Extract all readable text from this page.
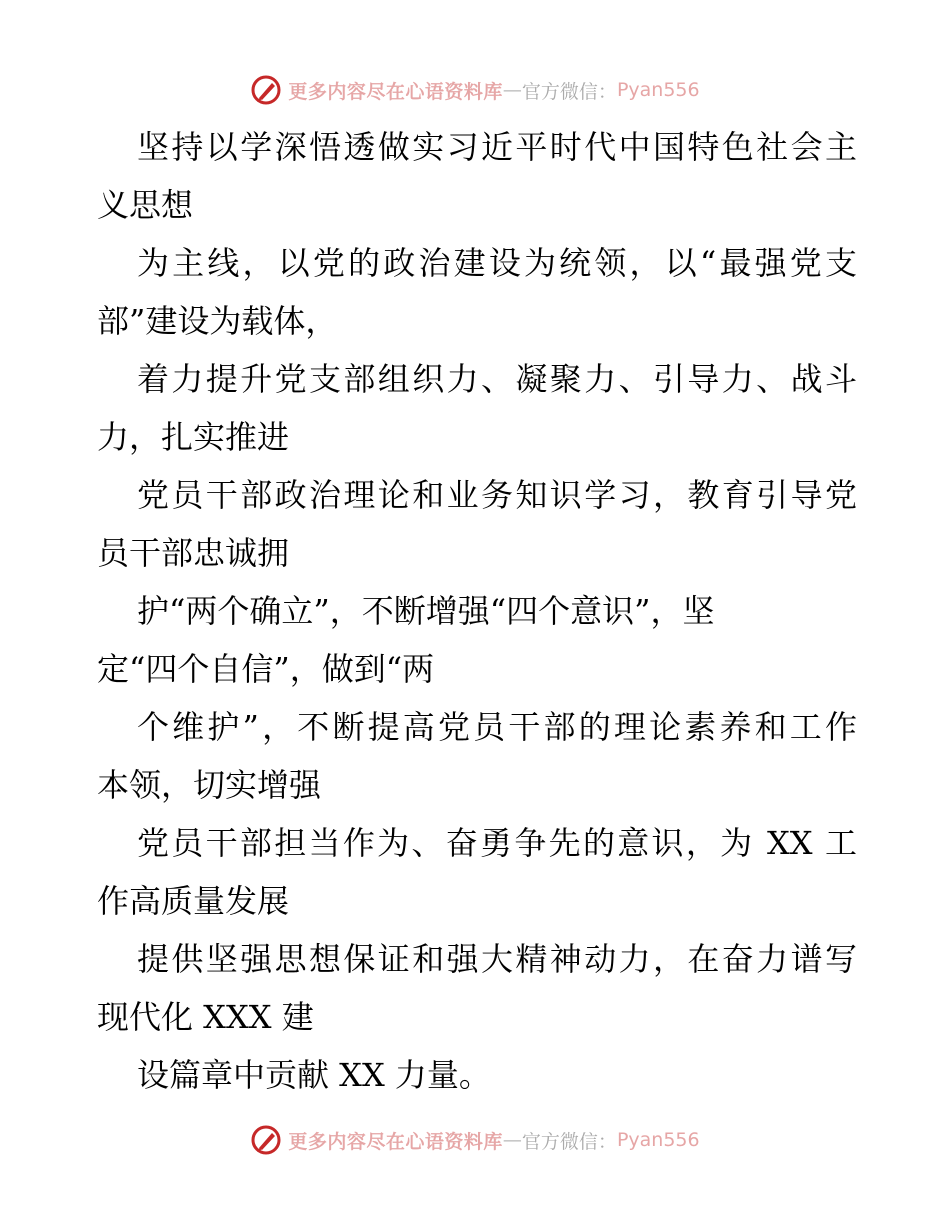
更多内容尽在心语资料库 — 官方微信： Pyan556
坚持以学深悟透做实习近平时代中国特色社会主
义思想
为主线，以党的政治建设为统领，以“最强党支
部”建设为载体，
着力提升党支部组织力、凝聚力、引导力、战斗
力，扎实推进
党员干部政治理论和业务知识学习，教育引导党
员干部忠诚拥
护“两个确立”，不断增强“四个意识”，坚
定“四个自信”，做到“两
个维护”，不断提高党员干部的理论素养和工作
本领，切实增强
党员干部担当作为、奋勇争先的意识，为 XX 工
作高质量发展
提供坚强思想保证和强大精神动力，在奋力谱写
现代化 XXX 建
设篇章中贡献 XX 力量。
更多内容尽在心语资料库 — 官方微信： Pyan556
